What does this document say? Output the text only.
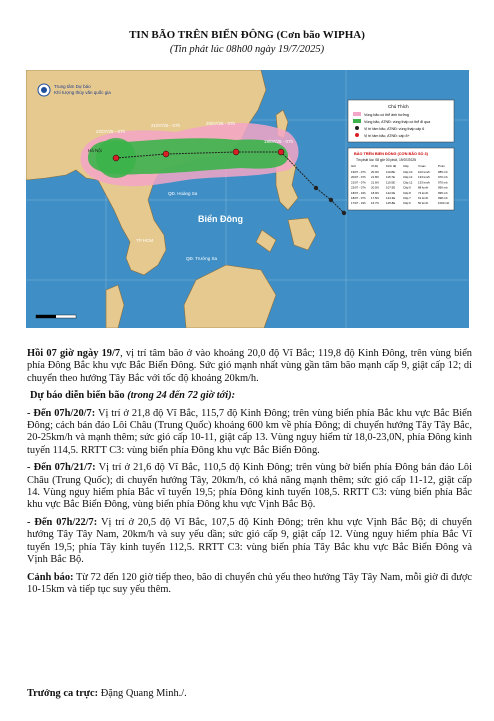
TIN BÃO TRÊN BIỂN ĐÔNG (Cơn bão WIPHA)
(Tin phát lúc 08h00 ngày 19/7/2025)
22/07/25 - 07h
21/07/25 - 07h	20/07/25 - 07h
19/07/25 - 07h
Hà Nội
QĐ. Hoàng Sa
Biển Đông
QĐ. Trường Sa
TP HCM
Trung tâm Dự báo
Khí tượng thủy văn quốc gia
Chú Thích
Vùng bão có thể ảnh hưởng
Vùng bão, ATNĐ: vùng thấp có thể đi qua
Vị trí tâm bão, ATNĐ: vùng thấp cấp 6
Vị trí tâm bão, ATNĐ: cấp 8+
BẢO TRÊN BIỂN ĐÔNG (CƠN BÃO SỐ 3)
Tin phát lúc: 08 giờ 00 phút, 19/07/2025
Giờ	Vĩ độ	Kinh độ Cấp	Vmax	Pmin
19/07 - 07h 20.0N	119.8E	Cấp 10 102 km/h	985 mb
20/07 - 07h 21.8N	115.7E	Cấp 12 133 km/h	970 mb
21/07 - 07h 21.6N	110.5E	Cấp 12 133 km/h	970 mb
22/07 - 07h 20.5N	107.5E	Cấp 9	88 km/h	990 mb
18/07 - 19h 18.9N	122.0E	Cấp 8	74 km/h	995 mb
18/07 - 07h 17.5N	124.3E	Cấp 7	61 km/h	998 mb
17/07 - 19h 16.7N	125.8E	Cấp 6	50 km/h	1000 mb

Hồi 07 giờ ngày 19/7, vị trí tâm bão ở vào khoảng 20,0 độ Vĩ Bắc; 119,8 độ Kinh Đông, trên vùng biển phía Đông Bắc khu vực Bắc Biển Đông. Sức gió mạnh nhất vùng gần tâm bão mạnh cấp 9, giật cấp 12; di chuyển theo hướng Tây Bắc với tốc độ khoảng 20km/h.

Dự báo diễn biến bão (trong 24 đến 72 giờ tới):

- Đến 07h/20/7: Vị trí ở 21,8 độ Vĩ Bắc, 115,7 độ Kinh Đông; trên vùng biển phía Bắc khu vực Bắc Biển Đông; cách bán đảo Lôi Châu (Trung Quốc) khoảng 600 km về phía Đông; di chuyển hướng Tây Tây Bắc, 20-25km/h và mạnh thêm; sức gió cấp 10-11, giật cấp 13. Vùng nguy hiểm từ 18,0-23,0N, phía Đông kinh tuyến 114,5. RRTT C3: vùng biển phía Đông khu vực Bắc Biển Đông.

- Đến 07h/21/7: Vị trí ở 21,6 độ Vĩ Bắc, 110,5 độ Kinh Đông; trên vùng bờ biển phía Đông bán đảo Lôi Châu (Trung Quốc); di chuyển hướng Tây, 20km/h, có khả năng mạnh thêm; sức gió cấp 11-12, giật cấp 14. Vùng nguy hiểm phía Bắc vĩ tuyến 19,5; phía Đông kinh tuyến 108,5. RRTT C3: vùng biển phía Bắc khu vực Bắc Biển Đông, vùng biển phía Đông khu vực Vịnh Bắc Bộ.

- Đến 07h/22/7: Vị trí ở 20,5 độ Vĩ Bắc, 107,5 độ Kinh Đông; trên khu vực Vịnh Bắc Bộ; di chuyển hướng Tây Tây Nam, 20km/h và suy yếu dần; sức gió cấp 9, giật cấp 12. Vùng nguy hiểm phía Bắc Vĩ tuyến 19,5; phía Tây kinh tuyến 112,5. RRTT C3: vùng biển phía Tây Bắc khu vực Bắc Biển Đông và Vịnh Bắc Bộ.

Cảnh báo: Từ 72 đến 120 giờ tiếp theo, bão di chuyển chủ yếu theo hướng Tây Tây Nam, mỗi giờ đi được 10-15km và tiếp tục suy yếu thêm.

Trưởng ca trực: Đặng Quang Minh./.
